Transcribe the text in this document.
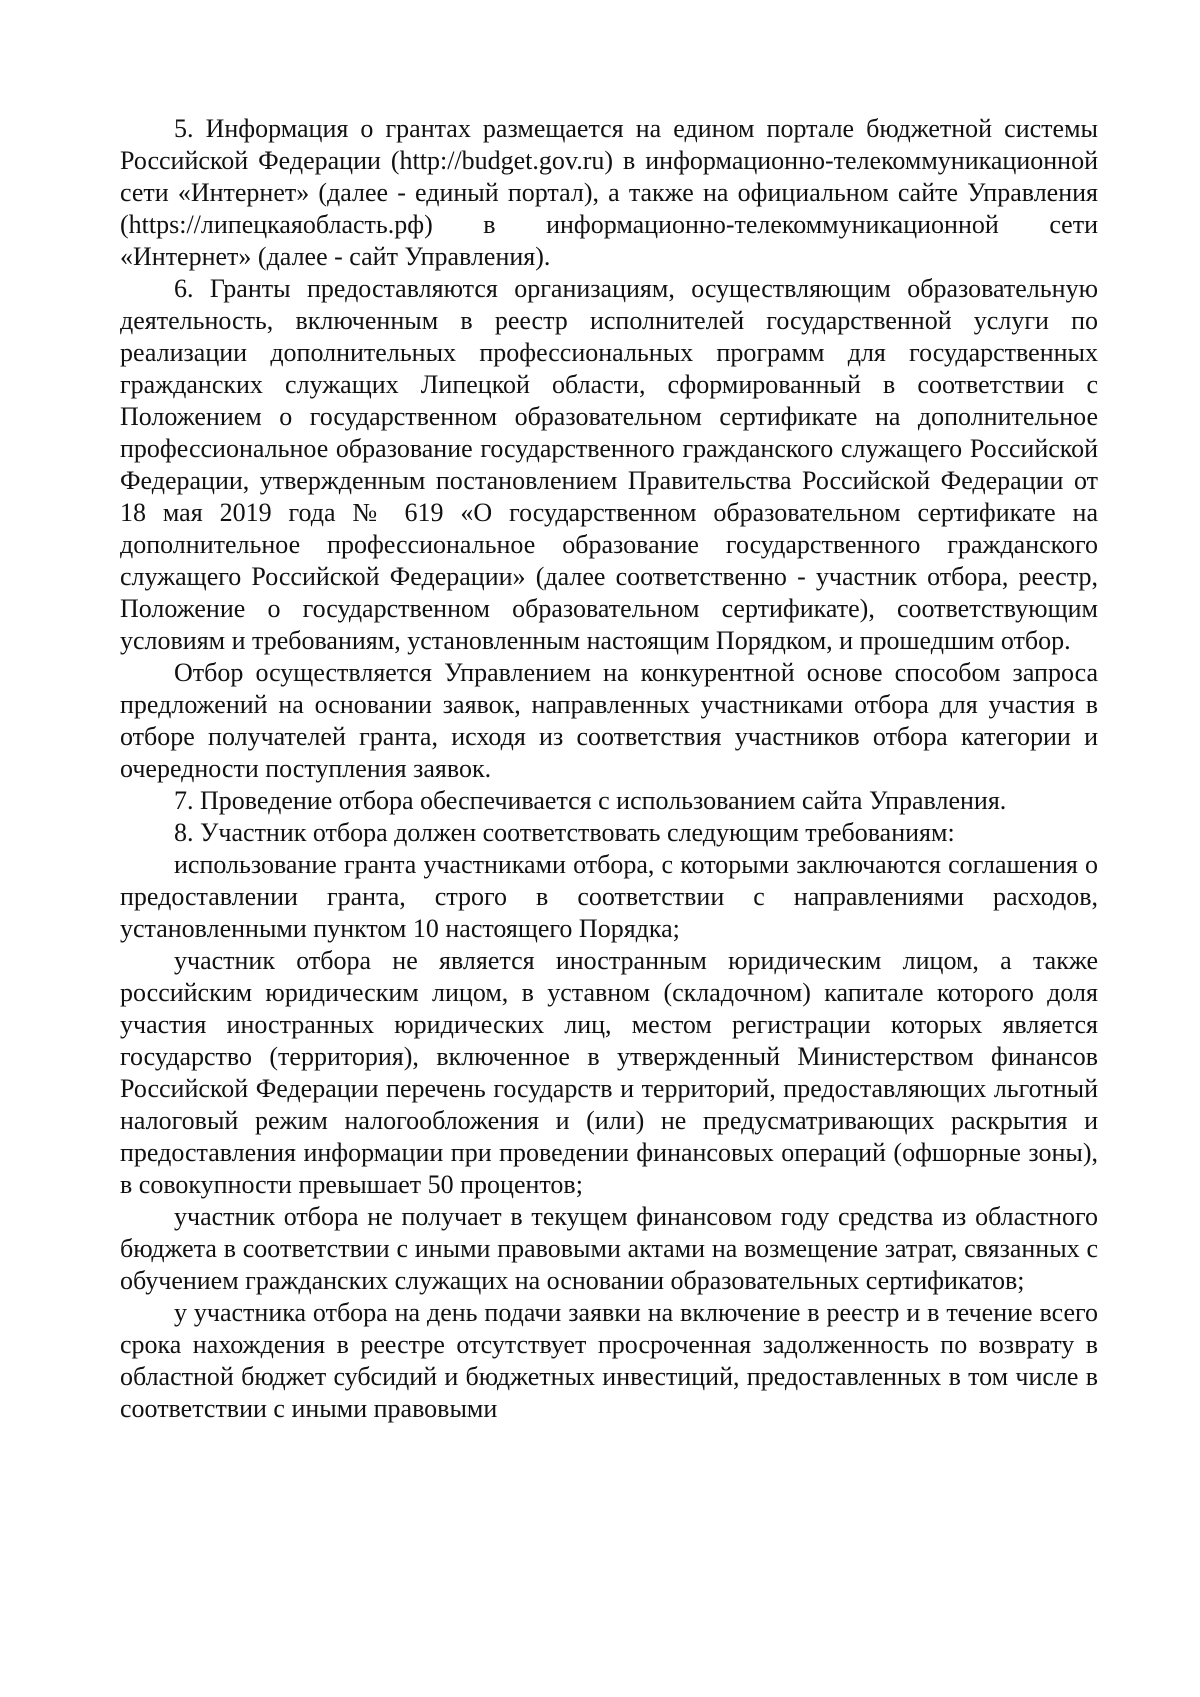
5. Информация о грантах размещается на едином портале бюджетной системы Российской Федерации (http://budget.gov.ru) в информационно-телекоммуникационной сети «Интернет» (далее - единый портал), а также на официальном сайте Управления (https://липецкаяобласть.рф) в информационно-телекоммуникационной сети «Интернет» (далее - сайт Управления).

6. Гранты предоставляются организациям, осуществляющим образовательную деятельность, включенным в реестр исполнителей государственной услуги по реализации дополнительных профессиональных программ для государственных гражданских служащих Липецкой области, сформированный в соответствии с Положением о государственном образовательном сертификате на дополнительное профессиональное образование государственного гражданского служащего Российской Федерации, утвержденным постановлением Правительства Российской Федерации от 18 мая 2019 года № 619 «О государственном образовательном сертификате на дополнительное профессиональное образование государственного гражданского служащего Российской Федерации» (далее соответственно - участник отбора, реестр, Положение о государственном образовательном сертификате), соответствующим условиям и требованиям, установленным настоящим Порядком, и прошедшим отбор.

Отбор осуществляется Управлением на конкурентной основе способом запроса предложений на основании заявок, направленных участниками отбора для участия в отборе получателей гранта, исходя из соответствия участников отбора категории и очередности поступления заявок.

7. Проведение отбора обеспечивается с использованием сайта Управления.

8. Участник отбора должен соответствовать следующим требованиям:

использование гранта участниками отбора, с которыми заключаются соглашения о предоставлении гранта, строго в соответствии с направлениями расходов, установленными пунктом 10 настоящего Порядка;

участник отбора не является иностранным юридическим лицом, а также российским юридическим лицом, в уставном (складочном) капитале которого доля участия иностранных юридических лиц, местом регистрации которых является государство (территория), включенное в утвержденный Министерством финансов Российской Федерации перечень государств и территорий, предоставляющих льготный налоговый режим налогообложения и (или) не предусматривающих раскрытия и предоставления информации при проведении финансовых операций (офшорные зоны), в совокупности превышает 50 процентов;

участник отбора не получает в текущем финансовом году средства из областного бюджета в соответствии с иными правовыми актами на возмещение затрат, связанных с обучением гражданских служащих на основании образовательных сертификатов;

у участника отбора на день подачи заявки на включение в реестр и в течение всего срока нахождения в реестре отсутствует просроченная задолженность по возврату в областной бюджет субсидий и бюджетных инвестиций, предоставленных в том числе в соответствии с иными правовыми
